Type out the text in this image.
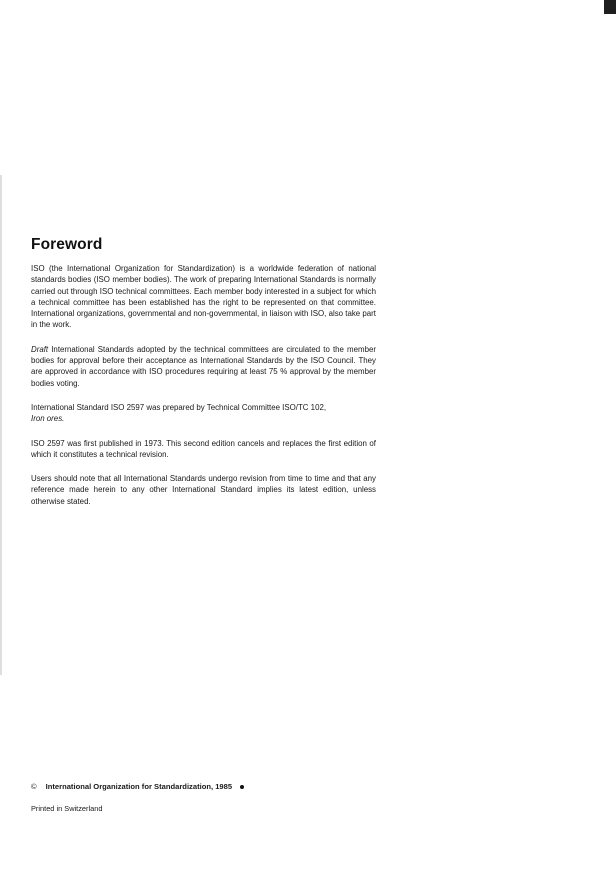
Foreword

ISO (the International Organization for Standardization) is a worldwide federation of national standards bodies (ISO member bodies). The work of preparing International Standards is normally carried out through ISO technical committees. Each member body interested in a subject for which a technical committee has been established has the right to be represented on that committee. International organizations, governmental and non-governmental, in liaison with ISO, also take part in the work.

Draft International Standards adopted by the technical committees are circulated to the member bodies for approval before their acceptance as International Standards by the ISO Council. They are approved in accordance with ISO procedures requiring at least 75 % approval by the member bodies voting.

International Standard ISO 2597 was prepared by Technical Committee ISO/TC 102,
Iron ores.

ISO 2597 was first published in 1973. This second edition cancels and replaces the first edition of which it constitutes a technical revision.

Users should note that all International Standards undergo revision from time to time and that any reference made herein to any other International Standard implies its latest edition, unless otherwise stated.

© International Organization for Standardization, 1985
Printed in Switzerland
